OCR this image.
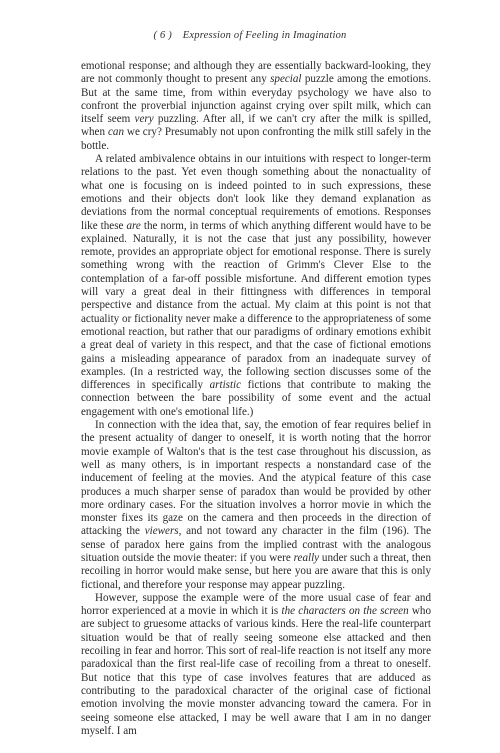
( 6 ) Expression of Feeling in Imagination

emotional response; and although they are essentially backward-looking, they are not commonly thought to present any special puzzle among the emotions. But at the same time, from within everyday psychology we have also to confront the proverbial injunction against crying over spilt milk, which can itself seem very puzzling. After all, if we can't cry after the milk is spilled, when can we cry? Presumably not upon confronting the milk still safely in the bottle.

A related ambivalence obtains in our intuitions with respect to longer-term relations to the past. Yet even though something about the nonactuality of what one is focusing on is indeed pointed to in such expressions, these emotions and their objects don't look like they demand explanation as deviations from the normal conceptual requirements of emotions. Responses like these are the norm, in terms of which anything different would have to be explained. Naturally, it is not the case that just any possibility, however remote, provides an appropriate object for emotional response. There is surely something wrong with the reaction of Grimm's Clever Else to the contemplation of a far-off possible misfortune. And different emotion types will vary a great deal in their fittingness with differences in temporal perspective and distance from the actual. My claim at this point is not that actuality or fictionality never make a difference to the appropriateness of some emotional reaction, but rather that our paradigms of ordinary emotions exhibit a great deal of variety in this respect, and that the case of fictional emotions gains a misleading appearance of paradox from an inadequate survey of examples. (In a restricted way, the following section discusses some of the differences in specifically artistic fictions that contribute to making the connection between the bare possibility of some event and the actual engagement with one's emotional life.)

In connection with the idea that, say, the emotion of fear requires belief in the present actuality of danger to oneself, it is worth noting that the horror movie example of Walton's that is the test case throughout his discussion, as well as many others, is in important respects a nonstandard case of the inducement of feeling at the movies. And the atypical feature of this case produces a much sharper sense of paradox than would be provided by other more ordinary cases. For the situation involves a horror movie in which the monster fixes its gaze on the camera and then proceeds in the direction of attacking the viewers, and not toward any character in the film (196). The sense of paradox here gains from the implied contrast with the analogous situation outside the movie theater: if you were really under such a threat, then recoiling in horror would make sense, but here you are aware that this is only fictional, and therefore your response may appear puzzling.

However, suppose the example were of the more usual case of fear and horror experienced at a movie in which it is the characters on the screen who are subject to gruesome attacks of various kinds. Here the real-life counterpart situation would be that of really seeing someone else attacked and then recoiling in fear and horror. This sort of real-life reaction is not itself any more paradoxical than the first real-life case of recoiling from a threat to oneself. But notice that this type of case involves features that are adduced as contributing to the paradoxical character of the original case of fictional emotion involving the movie monster advancing toward the camera. For in seeing someone else attacked, I may be well aware that I am in no danger myself. I am
